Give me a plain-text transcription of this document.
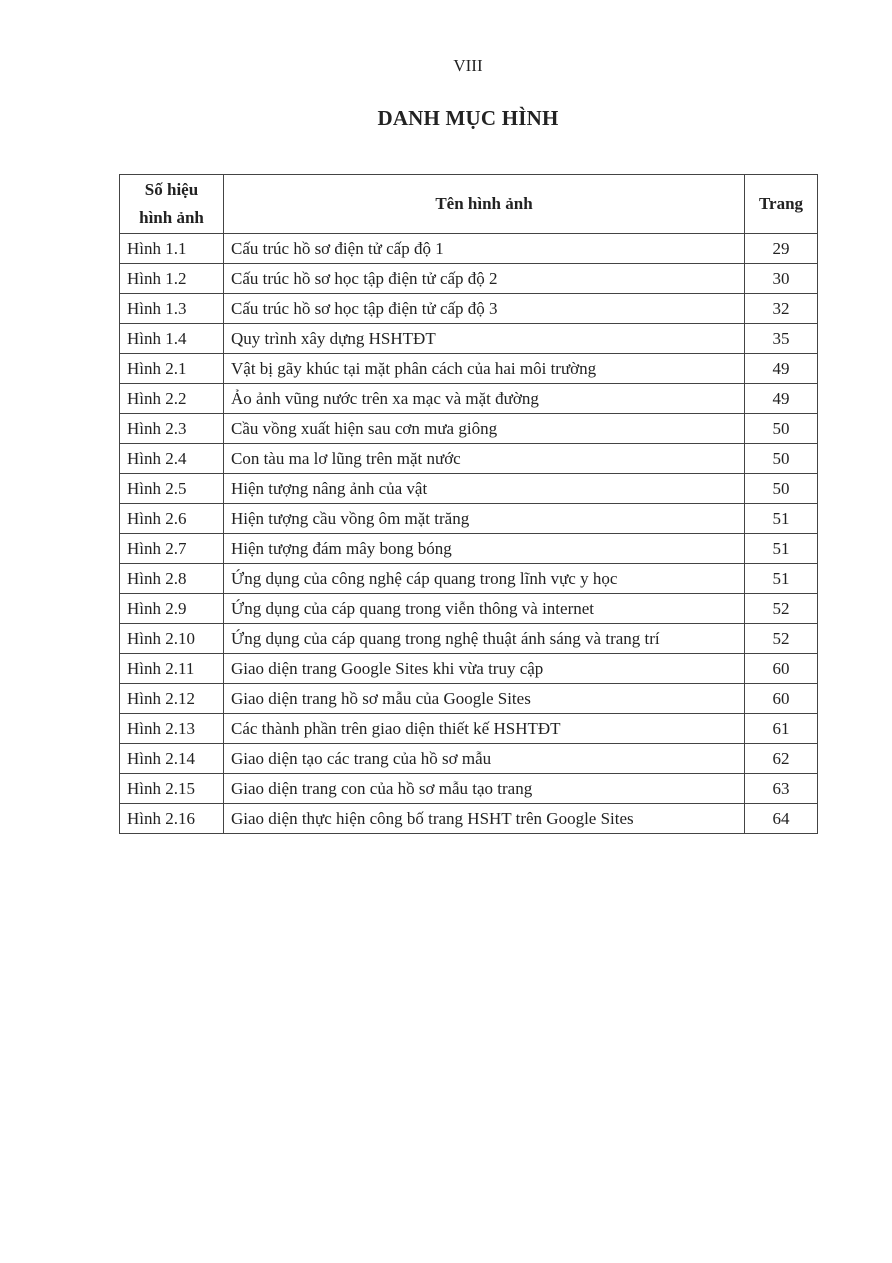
VIII
DANH MỤC HÌNH
Số hiệu
hình ảnh	Tên hình ảnh	Trang
Hình 1.1	Cấu trúc hồ sơ điện tử cấp độ 1	29
Hình 1.2	Cấu trúc hồ sơ học tập điện tử cấp độ 2	30
Hình 1.3	Cấu trúc hồ sơ học tập điện tử cấp độ 3	32
Hình 1.4	Quy trình xây dựng HSHTĐT	35
Hình 2.1	Vật bị gãy khúc tại mặt phân cách của hai môi trường	49
Hình 2.2	Ảo ảnh vũng nước trên xa mạc và mặt đường	49
Hình 2.3	Cầu vồng xuất hiện sau cơn mưa giông	50
Hình 2.4	Con tàu ma lơ lũng trên mặt nước	50
Hình 2.5	Hiện tượng nâng ảnh của vật	50
Hình 2.6	Hiện tượng cầu vồng ôm mặt trăng	51
Hình 2.7	Hiện tượng đám mây bong bóng	51
Hình 2.8	Ứng dụng của công nghệ cáp quang trong lĩnh vực y học	51
Hình 2.9	Ứng dụng của cáp quang trong viễn thông và internet	52
Hình 2.10	Ứng dụng của cáp quang trong nghệ thuật ánh sáng và trang trí	52
Hình 2.11	Giao diện trang Google Sites khi vừa truy cập	60
Hình 2.12	Giao diện trang hồ sơ mẫu của Google Sites	60
Hình 2.13	Các thành phần trên giao diện thiết kế HSHTĐT	61
Hình 2.14	Giao diện tạo các trang của hồ sơ mẫu	62
Hình 2.15	Giao diện trang con của hồ sơ mẫu tạo trang	63
Hình 2.16	Giao diện thực hiện công bố trang HSHT trên Google Sites	64
